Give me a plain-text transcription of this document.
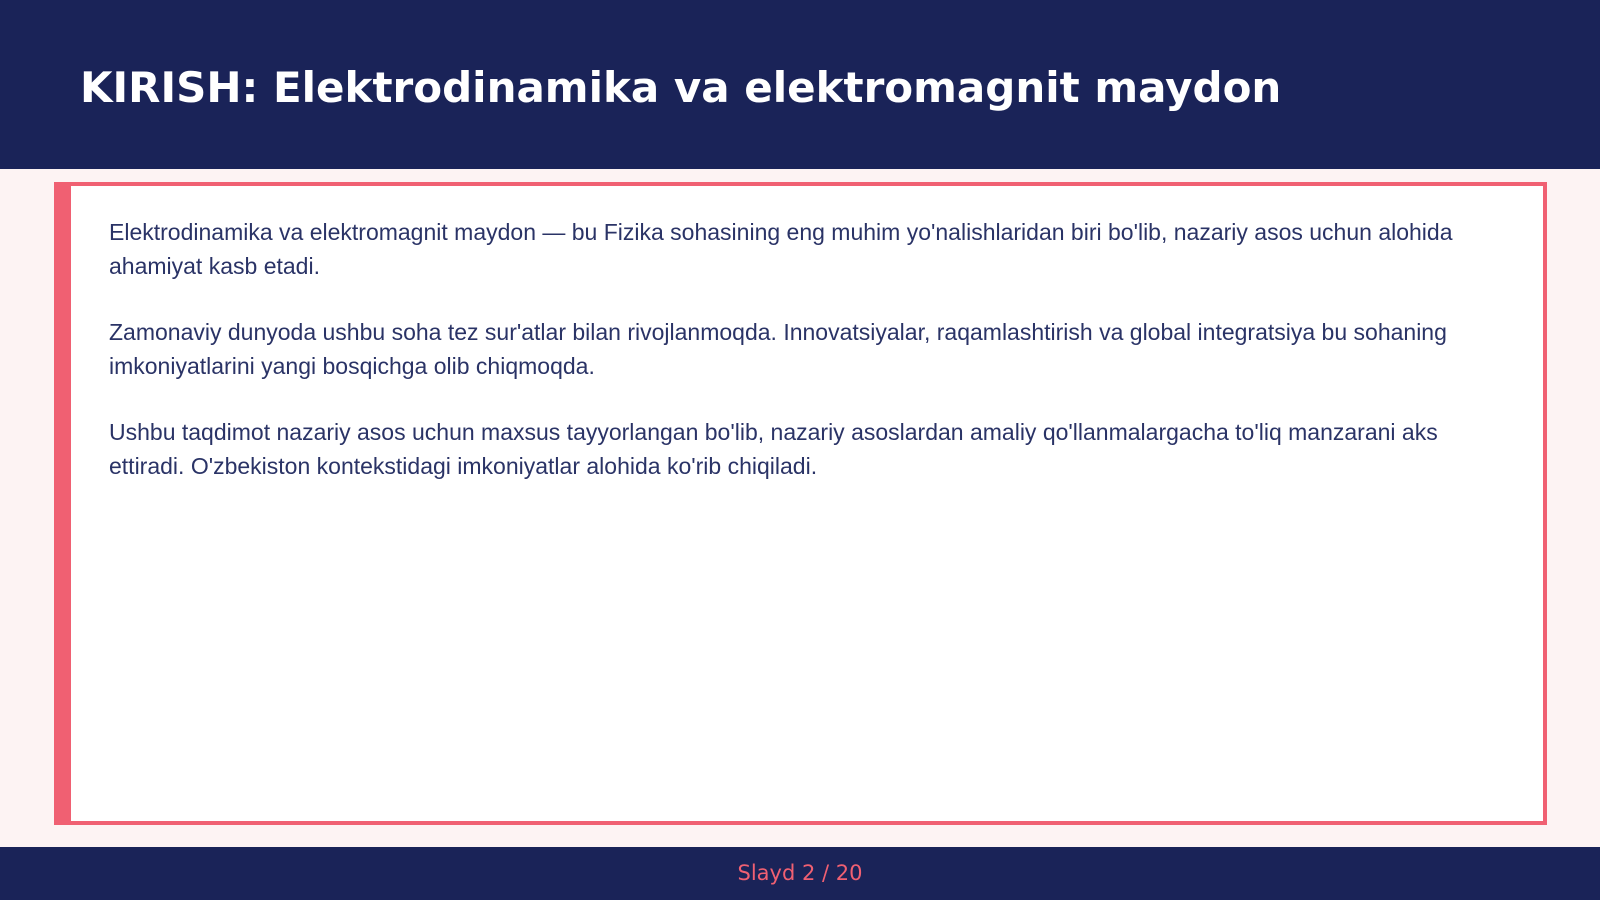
KIRISH: Elektrodinamika va elektromagnit maydon

Elektrodinamika va elektromagnit maydon — bu Fizika sohasining eng muhim yo'nalishlaridan biri bo'lib, nazariy asos uchun alohida ahamiyat kasb etadi.

Zamonaviy dunyoda ushbu soha tez sur'atlar bilan rivojlanmoqda. Innovatsiyalar, raqamlashtirish va global integratsiya bu sohaning imkoniyatlarini yangi bosqichga olib chiqmoqda.

Ushbu taqdimot nazariy asos uchun maxsus tayyorlangan bo'lib, nazariy asoslardan amaliy qo'llanmalargacha to'liq manzarani aks ettiradi. O'zbekiston kontekstidagi imkoniyatlar alohida ko'rib chiqiladi.

Slayd 2 / 20
